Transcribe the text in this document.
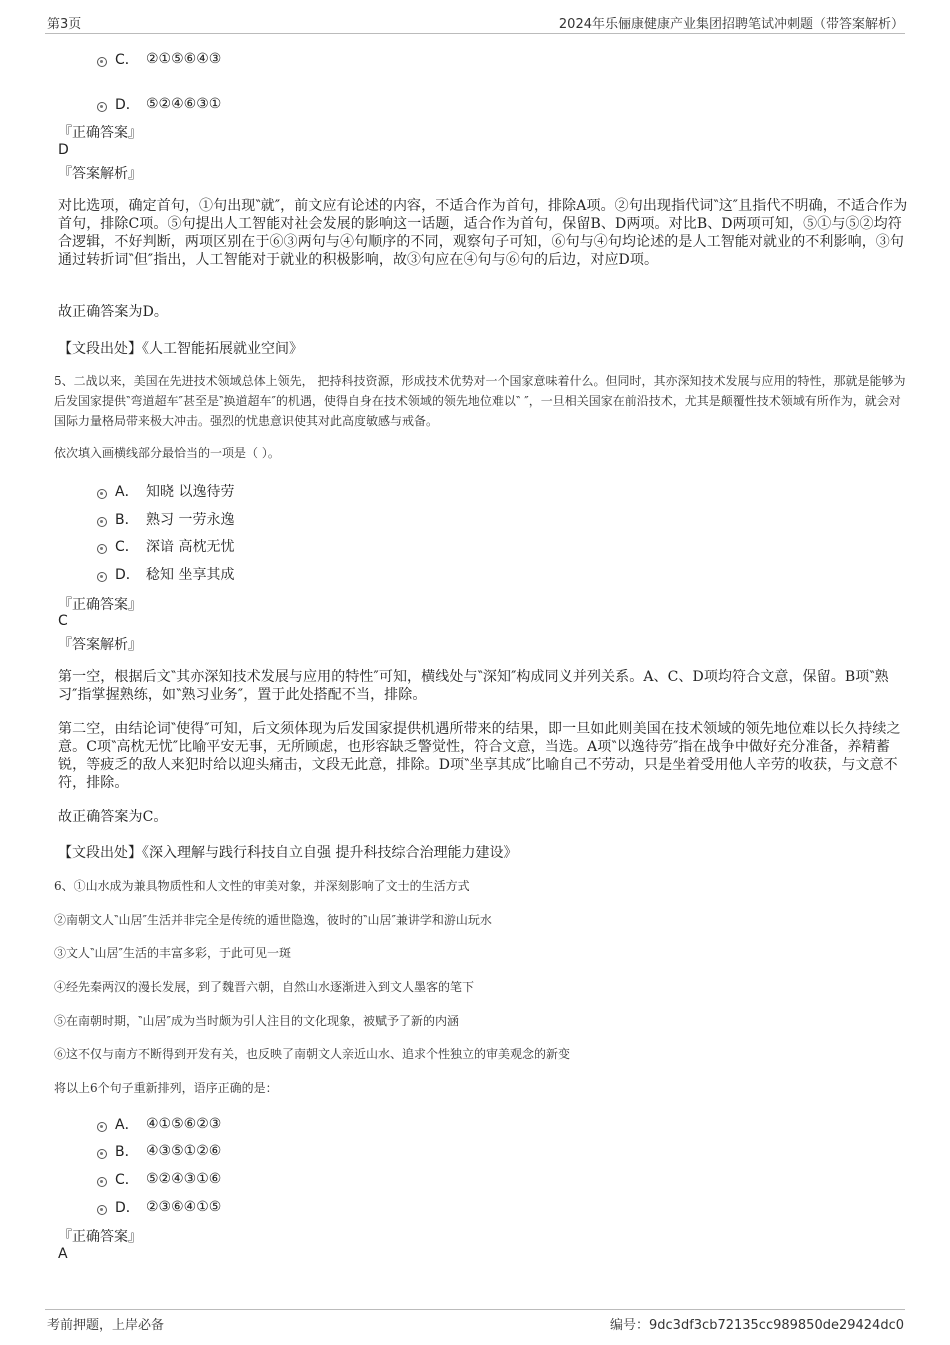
第3页	2024年乐俪康健康产业集团招聘笔试冲刺题（带答案解析）
C． ②①⑤⑥④③
D． ⑤②④⑥③①
『正确答案』
D
『答案解析』
对比选项，确定首句，①句出现‶就″，前文应有论述的内容，不适合作为首句，排除A项。②句出现指代词‶这″且指代不明确，不适合作为首句，排除C项。⑤句提出人工智能对社会发展的影响这一话题，适合作为首句，保留B、D两项。对比B、D两项可知，⑤①与⑤②均符合逻辑，不好判断，两项区别在于⑥③两句与④句顺序的不同，观察句子可知，⑥句与④句均论述的是人工智能对就业的不利影响，③句通过转折词‶但″指出，人工智能对于就业的积极影响，故③句应在④句与⑥句的后边，对应D项。
故正确答案为D。
【文段出处】《人工智能拓展就业空间》
5、二战以来，美国在先进技术领域总体上领先， 把持科技资源，形成技术优势对一个国家意味着什么。但同时，其亦深知技术发展与应用的特性，那就是能够为后发国家提供‶弯道超车″甚至是‶换道超车″的机遇，使得自身在技术领域的领先地位难以‶ ″，一旦相关国家在前沿技术，尤其是颠覆性技术领域有所作为，就会对国际力量格局带来极大冲击。强烈的忧患意识使其对此高度敏感与戒备。
依次填入画横线部分最恰当的一项是（ ）。
A． 知晓 以逸待劳
B． 熟习 一劳永逸
C． 深谙 高枕无忧
D． 稔知 坐享其成
『正确答案』
C
『答案解析』
第一空，根据后文‶其亦深知技术发展与应用的特性″可知，横线处与‶深知″构成同义并列关系。A、C、D项均符合文意，保留。B项‶熟习″指掌握熟练，如‶熟习业务″，置于此处搭配不当，排除。
第二空，由结论词‶使得″可知，后文须体现为后发国家提供机遇所带来的结果，即一旦如此则美国在技术领域的领先地位难以长久持续之意。C项‶高枕无忧″比喻平安无事，无所顾虑，也形容缺乏警觉性，符合文意，当选。A项‶以逸待劳″指在战争中做好充分准备，养精蓄锐，等疲乏的敌人来犯时给以迎头痛击，文段无此意，排除。D项‶坐享其成″比喻自己不劳动，只是坐着受用他人辛劳的收获，与文意不符，排除。
故正确答案为C。
【文段出处】《深入理解与践行科技自立自强 提升科技综合治理能力建设》
6、①山水成为兼具物质性和人文性的审美对象，并深刻影响了文士的生活方式
②南朝文人‶山居″生活并非完全是传统的遁世隐逸，彼时的‶山居″兼讲学和游山玩水
③文人‶山居″生活的丰富多彩，于此可见一斑
④经先秦两汉的漫长发展，到了魏晋六朝，自然山水逐渐进入到文人墨客的笔下
⑤在南朝时期，‶山居″成为当时颇为引人注目的文化现象，被赋予了新的内涵
⑥这不仅与南方不断得到开发有关，也反映了南朝文人亲近山水、追求个性独立的审美观念的新变
将以上6个句子重新排列，语序正确的是：
A． ④①⑤⑥②③
B． ④③⑤①②⑥
C． ⑤②④③①⑥
D． ②③⑥④①⑤
『正确答案』
A
考前押题，上岸必备	编号：9dc3df3cb72135cc989850de29424dc0
